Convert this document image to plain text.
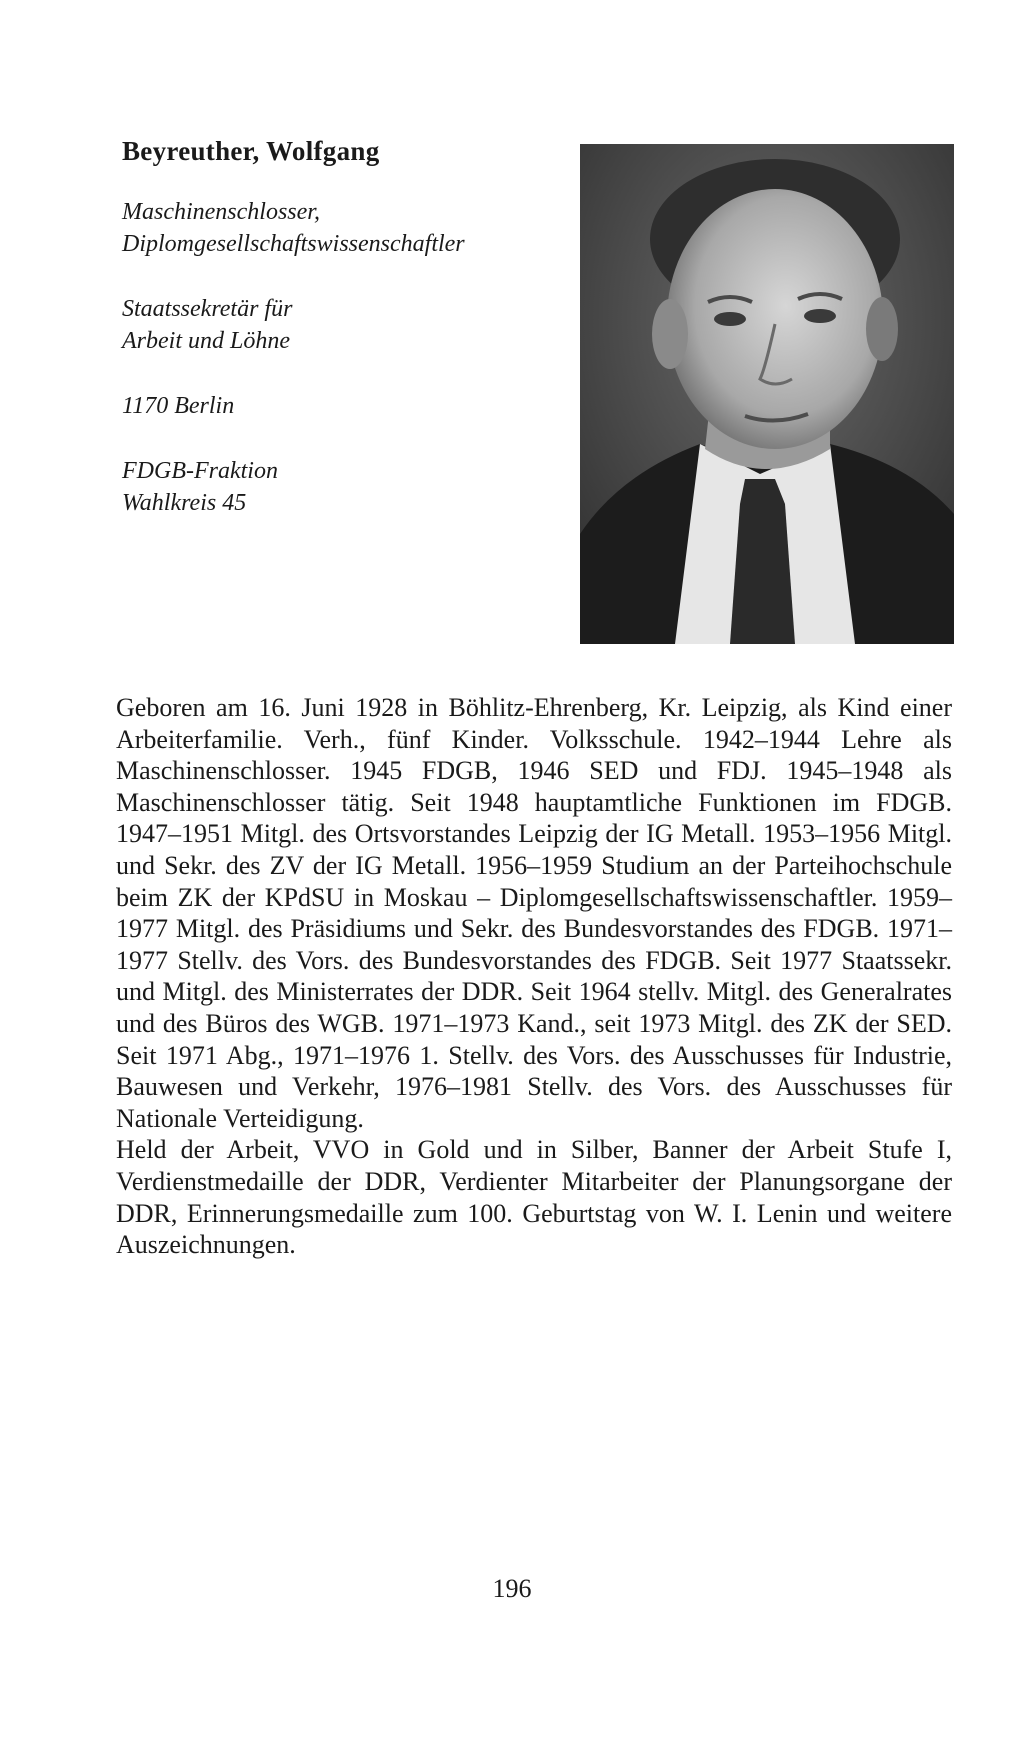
Beyreuther, Wolfgang
Maschinenschlosser,
Diplomgesellschaftswissenschaftler
Staatssekretär für
Arbeit und Löhne
1170 Berlin
FDGB-Fraktion
Wahlkreis 45

Geboren am 16. Juni 1928 in Böhlitz-Ehrenberg, Kr. Leipzig, als Kind einer Arbeiterfamilie. Verh., fünf Kinder. Volksschule. 1942–1944 Lehre als Maschinenschlosser. 1945 FDGB, 1946 SED und FDJ. 1945–1948 als Maschinenschlosser tätig. Seit 1948 hauptamtliche Funktionen im FDGB. 1947–1951 Mitgl. des Ortsvorstandes Leipzig der IG Metall. 1953–1956 Mitgl. und Sekr. des ZV der IG Metall. 1956–1959 Studium an der Parteihochschule beim ZK der KPdSU in Moskau – Diplomgesellschaftswissenschaftler. 1959–1977 Mitgl. des Präsidiums und Sekr. des Bundesvorstandes des FDGB. 1971–1977 Stellv. des Vors. des Bundesvorstandes des FDGB. Seit 1977 Staatssekr. und Mitgl. des Ministerrates der DDR. Seit 1964 stellv. Mitgl. des Generalrates und des Büros des WGB. 1971–1973 Kand., seit 1973 Mitgl. des ZK der SED. Seit 1971 Abg., 1971–1976 1. Stellv. des Vors. des Ausschusses für Industrie, Bauwesen und Verkehr, 1976–1981 Stellv. des Vors. des Ausschusses für Nationale Verteidigung.

Held der Arbeit, VVO in Gold und in Silber, Banner der Arbeit Stufe I, Verdienstmedaille der DDR, Verdienter Mitarbeiter der Planungsorgane der DDR, Erinnerungsmedaille zum 100. Geburtstag von W. I. Lenin und weitere Auszeichnungen.

196
